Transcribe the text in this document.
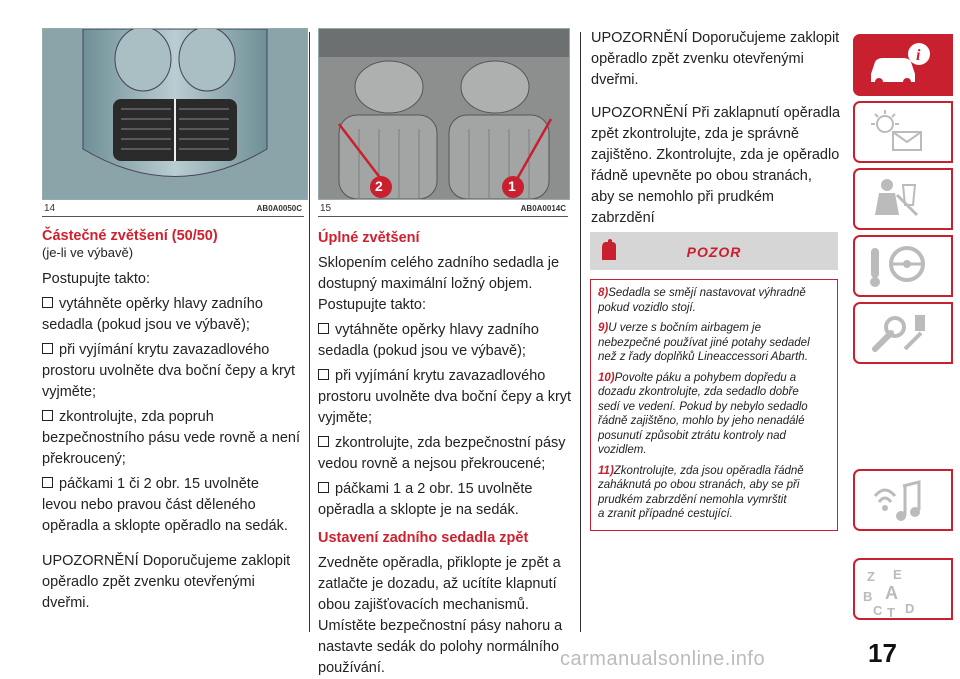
14	AB0A0050C
Částečné zvětšení (50/50)
(je-li ve výbavě)

Postupujte takto:

vytáhněte opěrky hlavy zadního

sedadla (pokud jsou ve výbavě);

při vyjímání krytu zavazadlového

prostoru uvolněte dva boční čepy a kryt

vyjměte;

zkontrolujte, zda popruh

bezpečnostního pásu vede rovně a není

překroucený;

páčkami 1 či 2 obr. 15 uvolněte

levou nebo pravou část děleného

opěradla a sklopte opěradlo na sedák.

UPOZORNĚNÍ Doporučujeme zaklopit

opěradlo zpět zvenku otevřenými

dveřmi.

2	1
15	AB0A0014C
Úplné zvětšení

Sklopením celého zadního sedadla je

dostupný maximální ložný objem.

Postupujte takto:

vytáhněte opěrky hlavy zadního

sedadla (pokud jsou ve výbavě);

při vyjímání krytu zavazadlového

prostoru uvolněte dva boční čepy a kryt

vyjměte;

zkontrolujte, zda bezpečnostní pásy

vedou rovně a nejsou překroucené;

páčkami 1 a 2 obr. 15 uvolněte

opěradla a sklopte je na sedák.

Ustavení zadního sedadla zpět

Zvedněte opěradla, přiklopte je zpět a

zatlačte je dozadu, až ucítíte klapnutí

obou zajišťovacích mechanismů.

Umístěte bezpečnostní pásy nahoru a

nastavte sedák do polohy normálního

používání.

UPOZORNĚNÍ Doporučujeme zaklopit

opěradlo zpět zvenku otevřenými

dveřmi.

UPOZORNĚNÍ Při zaklapnutí opěradla

zpět zkontrolujte, zda je správně

zajištěno. Zkontrolujte, zda je opěradlo

řádně upevněte po obou stranách,

aby se nemohlo při prudkém zabrzdění

POZOR
8)Sedadla se smějí nastavovat výhradně
pokud vozidlo stojí.
9)U verze s bočním airbagem je
nebezpečné používat jiné potahy sedadel
než z řady doplňků Lineaccessori Abarth.
10)Povolte páku a pohybem dopředu a
dozadu zkontrolujte, zda sedadlo dobře
sedí ve vedení. Pokud by nebylo sedadlo
řádně zajištěno, mohlo by jeho nenadálé
posunutí způsobit ztrátu kontroly nad
vozidlem.
11)Zkontrolujte, zda jsou opěradla řádně
zaháknutá po obou stranách, aby se při
prudkém zabrzdění nemohla vymrštit
a zranit případné cestující.
i
Z E
B A
C T D
17
carmanualsonline.info
